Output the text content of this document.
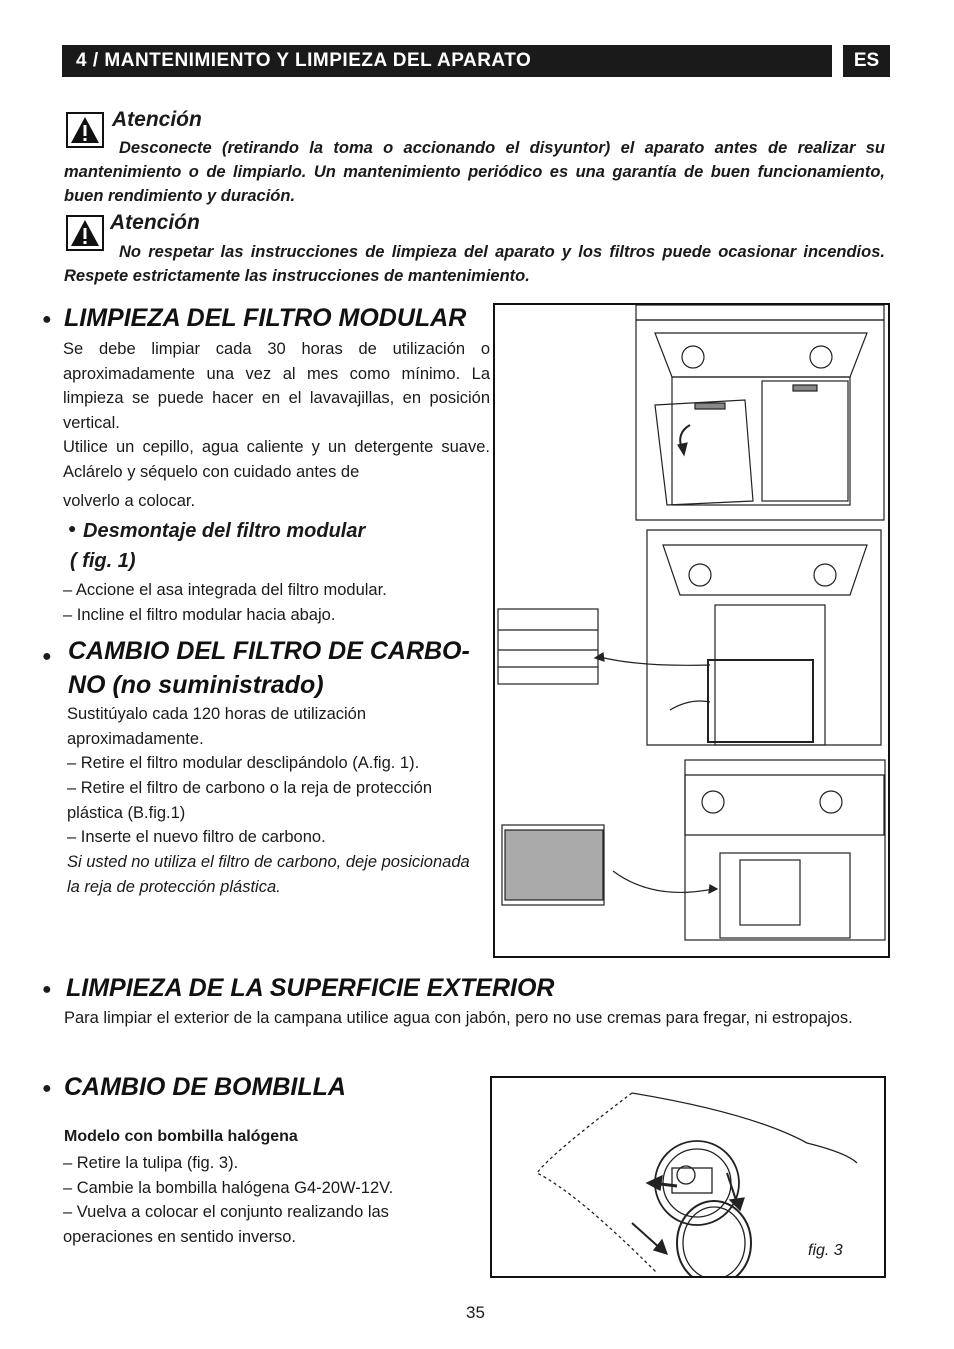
4 / MANTENIMIENTO Y LIMPIEZA DEL APARATO	ES
Atención
Desconecte (retirando la toma o accionando el disyuntor) el aparato antes de realizar su mantenimiento o de limpiarlo. Un mantenimiento periódico es una garantía de buen funcionamiento, buen rendimiento y duración.
Atención
No respetar las instrucciones de limpieza del aparato y los filtros puede ocasionar incendios. Respete estrictamente las instrucciones de mantenimiento.
● LIMPIEZA DEL FILTRO MODULAR
Se debe limpiar cada 30 horas de utilización o aproximadamente una vez al mes como mínimo. La limpieza se puede hacer en el lavavajillas, en posición vertical.
Utilice un cepillo, agua caliente y un detergente suave. Aclárelo y séquelo con cuidado antes de
volverlo a colocar.
● Desmontaje del filtro modular
( fig. 1)
– Accione el asa integrada del filtro modular.
– Incline el filtro modular hacia abajo.
● CAMBIO DEL FILTRO DE CARBO-
NO (no suministrado)
Sustitúyalo cada 120 horas de utilización aproximadamente.
– Retire el filtro modular desclipándolo (A.fig. 1).
– Retire el filtro de carbono o la reja de protección plástica (B.fig.1)
– Inserte el nuevo filtro de carbono.
Si usted no utiliza el filtro de carbono, deje posicionada la reja de protección plástica.
● LIMPIEZA DE LA SUPERFICIE EXTERIOR
Para limpiar el exterior de la campana utilice agua con jabón, pero no use cremas para fregar, ni estropajos.
● CAMBIO DE BOMBILLA
Modelo con bombilla halógena
– Retire la tulipa (fig. 3).
– Cambie la bombilla halógena G4-20W-12V.
– Vuelva a colocar el conjunto realizando las operaciones en sentido inverso.
fig. 3
35
